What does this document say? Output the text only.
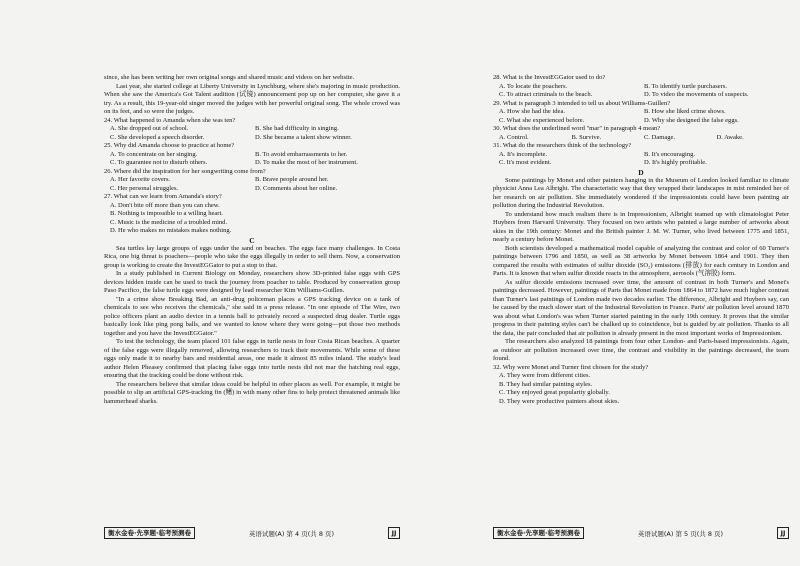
since, she has been writing her own original songs and shared music and videos on her website.

Last year, she started college at Liberty University in Lynchburg, where she's majoring in music production. When she saw the America's Got Talent audition (试镜) announcement pop up on her computer, she gave it a try. As a result, this 19-year-old singer moved the judges with her powerful original song. The whole crowd was on its feet, and so were the judges.

24. What happened to Amanda when she was ten?

A. She dropped out of school.	B. She had difficulty in singing.
C. She developed a speech disorder.	D. She became a talent show winner.

25. Why did Amanda choose to practice at home?

A. To concentrate on her singing.	B. To avoid embarrassments to her.
C. To guarantee not to disturb others.	D. To make the most of her instrument.

26. Where did the inspiration for her songwriting come from?

A. Her favorite covers.	B. Brave people around her.
C. Her personal struggles.	D. Comments about her online.

27. What can we learn from Amanda's story?

A. Don't bite off more than you can chew.
B. Nothing is impossible to a willing heart.
C. Music is the medicine of a troubled mind.
D. He who makes no mistakes makes nothing.
C

Sea turtles lay large groups of eggs under the sand on beaches. The eggs face many challenges. In Costa Rica, one big threat is poachers—people who take the eggs illegally in order to sell them. Now, a conservation group is working to create the InvestEGGator to put a stop to that.

In a study published in Current Biology on Monday, researchers show 3D-printed false eggs with GPS devices hidden inside can be used to track the journey from poacher to table. Produced by conservation group Paso Pacifico, the false turtle eggs were designed by lead researcher Kim Williams-Guillen.

"In a crime show Breaking Bad, an anti-drug policeman places a GPS tracking device on a tank of chemicals to see who receives the chemicals," she said in a press release. "In one episode of The Wire, two police officers plant an audio device in a tennis ball to privately record a suspected drug dealer. Turtle eggs basically look like ping pong balls, and we wanted to know where they were going—put those two methods together and you have the InvestEGGator."

To test the technology, the team placed 101 false eggs in turtle nests in four Costa Rican beaches. A quarter of the false eggs were illegally removed, allowing researchers to track their movements. While some of these eggs only made it to nearby bars and residential areas, one made it almost 85 miles inland. The study's lead author Helen Pheasey confirmed that placing false eggs into turtle nests did not mar the hatching real eggs, ensuring that the tracking could be done without risk.

The researchers believe that similar ideas could be helpful in other places as well. For example, it might be possible to slip an artificial GPS-tracking fin (鳍) in with many other fins to help protect threatened animals like hammerhead sharks.

28. What is the InvestEGGator used to do?

A. To locate the poachers.	B. To identify turtle purchasers.
C. To attract criminals to the beach.	D. To video the movements of suspects.

29. What is paragraph 3 intended to tell us about Williams-Guillen?

A. How she had the idea.	B. How she liked crime shows.
C. What she experienced before.	D. Why she designed the false eggs.

30. What does the underlined word "mar" in paragraph 4 mean?

A. Control.	B. Survive.	C. Damage.	D. Awake.

31. What do the researchers think of the technology?

A. It's incomplete.	B. It's encouraging.
C. It's most evident.	D. It's highly profitable.
D

Some paintings by Monet and other painters hanging in the Museum of London looked familiar to climate physicist Anna Lea Albright. The characteristic way that they wrapped their landscapes in mist reminded her of her research on air pollution. She immediately wondered if the impressionists could have been painting air pollution during the Industrial Revolution.

To understand how much realism there is in Impressionism, Albright teamed up with climatologist Peter Huybers from Harvard University. They focused on two artists who painted a large number of artworks about skies in the 19th century: Monet and the British painter J. M. W. Turner, who lived between 1775 and 1851, nearly a century before Monet.

Both scientists developed a mathematical model capable of analyzing the contrast and color of 60 Turner's paintings between 1796 and 1850, as well as 38 artworks by Monet between 1864 and 1901. They then compared the results with estimates of sulfur dioxide (SO₂) emissions (排放) for each century in London and Paris. It is known that when sulfur dioxide reacts in the atmosphere, aerosols (气溶胶) form.

As sulfur dioxide emissions increased over time, the amount of contrast in both Turner's and Monet's paintings decreased. However, paintings of Paris that Monet made from 1864 to 1872 have much higher contrast than Turner's last paintings of London made two decades earlier. The difference, Albright and Huybers say, can be caused by the much slower start of the Industrial Revolution in France. Paris' air pollution level around 1870 was about what London's was when Turner started painting in the early 19th century. It proves that the similar progress in their painting styles can't be chalked up to coincidence, but is guided by air pollution. Thanks to all the data, the pair concluded that air pollution is already present in the most important works of Impressionism.

The researchers also analyzed 18 paintings from four other London- and Paris-based impressionists. Again, as outdoor air pollution increased over time, the contrast and visibility in the paintings decreased, the team found.

32. Why were Monet and Turner first chosen for the study?

A. They were from different cities.
B. They had similar painting styles.
C. They enjoyed great popularity globally.
D. They were productive painters about skies.
衡水金卷·先享题·临考预测卷	英语试题(A) 第 4 页(共 8 页)	JJ	衡水金卷·先享题·临考预测卷	英语试题(A) 第 5 页(共 8 页)	JJ
